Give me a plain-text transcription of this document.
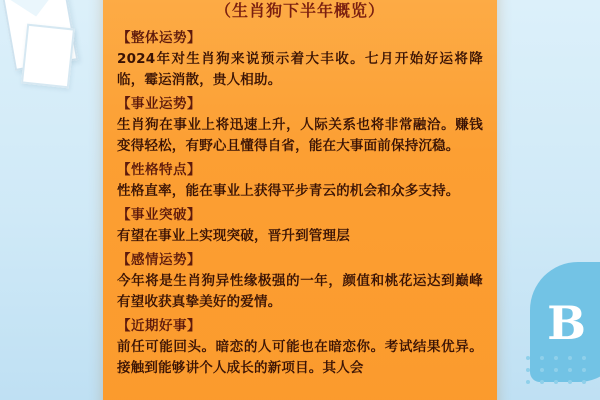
B
（生肖狗下半年概览）
【整体运势】
2024年对生肖狗来说预示着大丰收。七月开始好运将降临，霉运消散，贵人相助。
【事业运势】
生肖狗在事业上将迅速上升，人际关系也将非常融洽。赚钱变得轻松，有野心且懂得自省，能在大事面前保持沉稳。
【性格特点】
性格直率，能在事业上获得平步青云的机会和众多支持。
【事业突破】
有望在事业上实现突破，晋升到管理层
【感情运势】
今年将是生肖狗异性缘极强的一年，颜值和桃花运达到巅峰有望收获真挚美好的爱情。
【近期好事】
前任可能回头。暗恋的人可能也在暗恋你。考试结果优异。接触到能够讲个人成长的新项目。其人会
